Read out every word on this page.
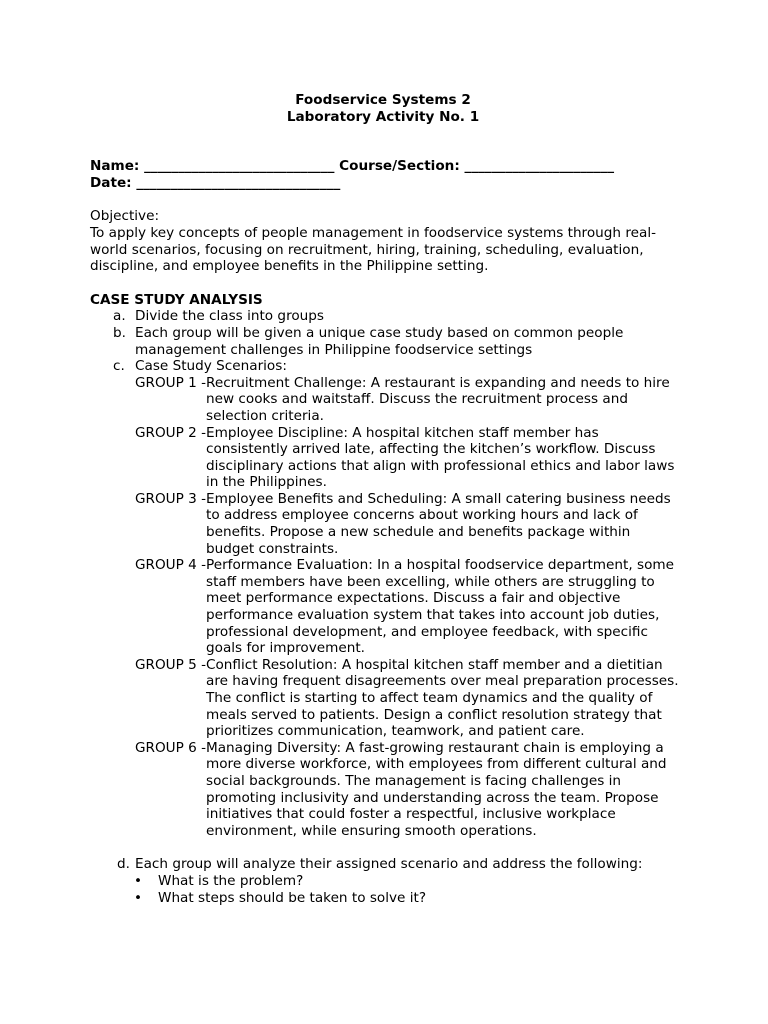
Foodservice Systems 2
Laboratory Activity No. 1
Name: ____________________________ Course/Section: ______________________
Date: ______________________________
Objective:
To apply key concepts of people management in foodservice systems through real-world scenarios, focusing on recruitment, hiring, training, scheduling, evaluation, discipline, and employee benefits in the Philippine setting.
CASE STUDY ANALYSIS
a. Divide the class into groups
b. Each group will be given a unique case study based on common people management challenges in Philippine foodservice settings
c. Case Study Scenarios:
GROUP 1 - Recruitment Challenge: A restaurant is expanding and needs to hire new cooks and waitstaff. Discuss the recruitment process and selection criteria.
GROUP 2 - Employee Discipline: A hospital kitchen staff member has consistently arrived late, affecting the kitchen’s workflow. Discuss disciplinary actions that align with professional ethics and labor laws in the Philippines.
GROUP 3 - Employee Benefits and Scheduling: A small catering business needs to address employee concerns about working hours and lack of benefits. Propose a new schedule and benefits package within budget constraints.
GROUP 4 - Performance Evaluation: In a hospital foodservice department, some staff members have been excelling, while others are struggling to meet performance expectations. Discuss a fair and objective performance evaluation system that takes into account job duties, professional development, and employee feedback, with specific goals for improvement.
GROUP 5 - Conflict Resolution: A hospital kitchen staff member and a dietitian are having frequent disagreements over meal preparation processes. The conflict is starting to affect team dynamics and the quality of meals served to patients. Design a conflict resolution strategy that prioritizes communication, teamwork, and patient care.
GROUP 6 - Managing Diversity: A fast-growing restaurant chain is employing a more diverse workforce, with employees from different cultural and social backgrounds. The management is facing challenges in promoting inclusivity and understanding across the team. Propose initiatives that could foster a respectful, inclusive workplace environment, while ensuring smooth operations.
d. Each group will analyze their assigned scenario and address the following:
• What is the problem?
• What steps should be taken to solve it?
